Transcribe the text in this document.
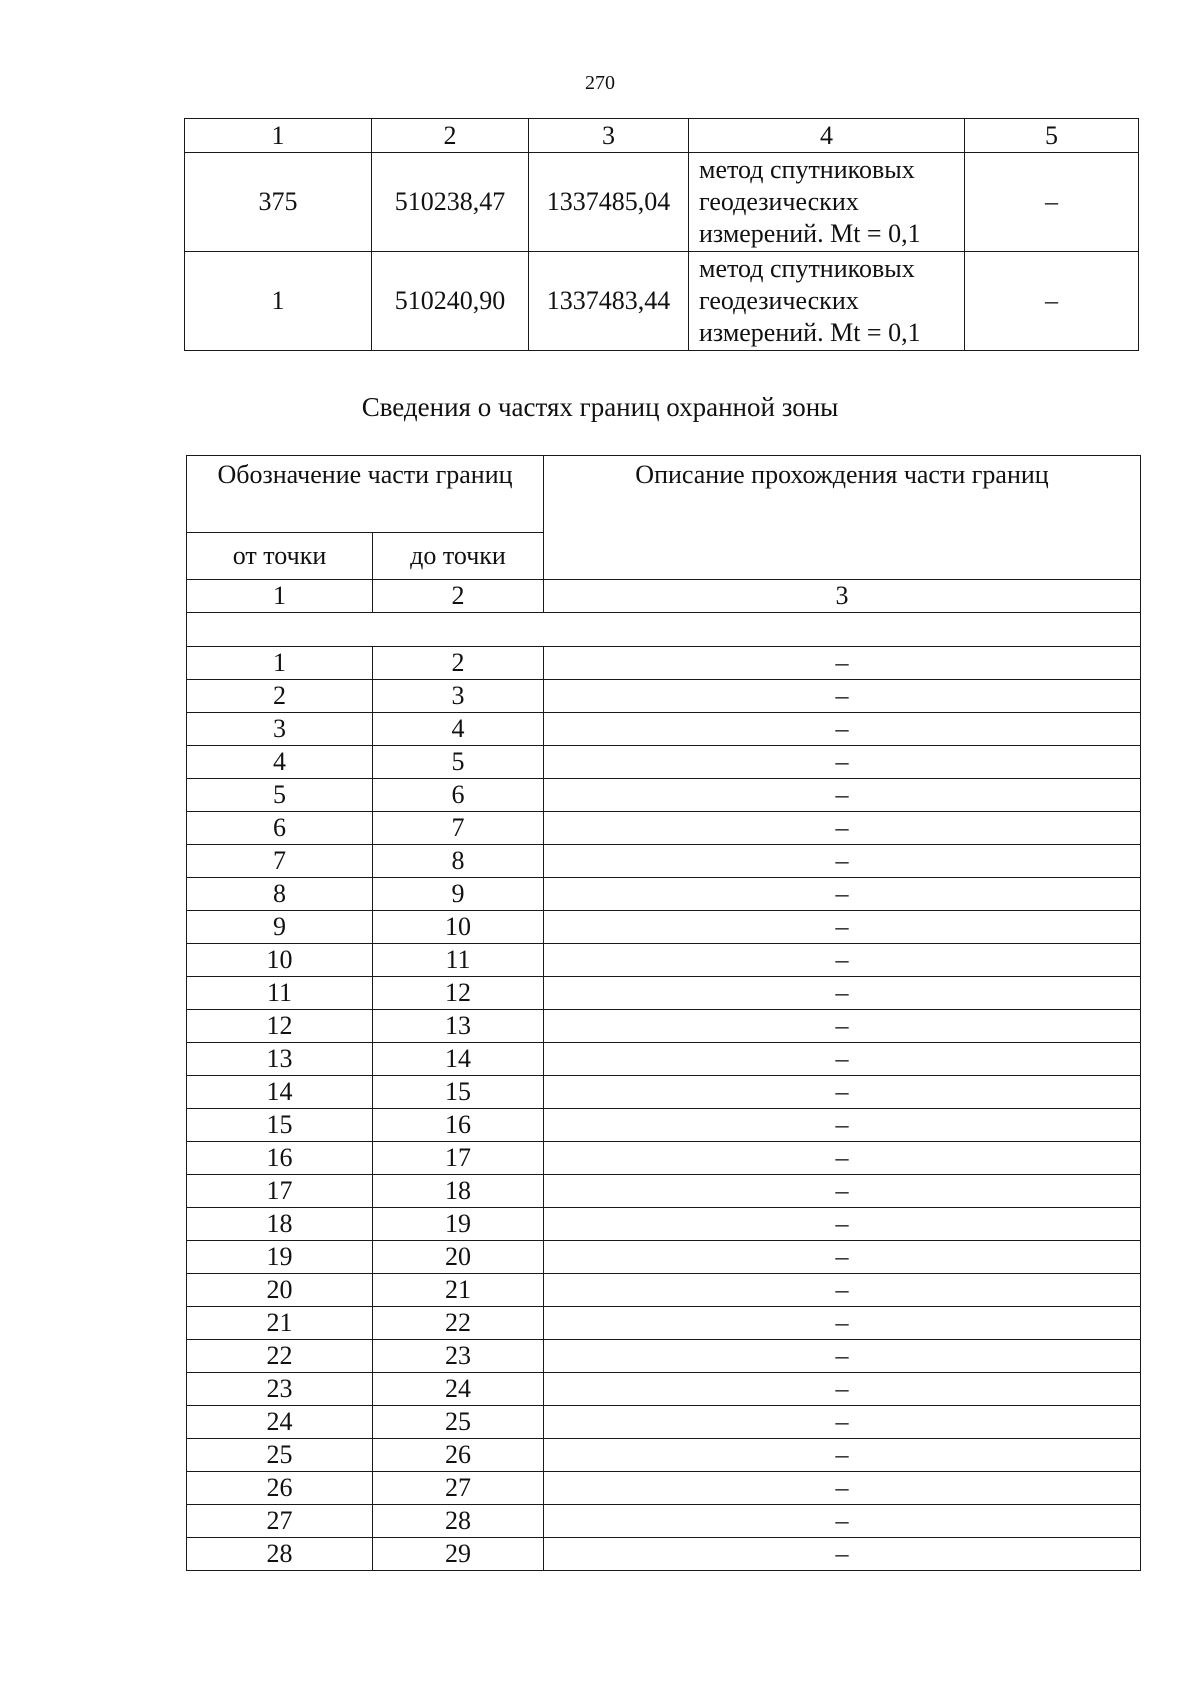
270
1	2	3	4	5
375	510238,47	1337485,04	метод спутниковых
геодезических
измерений. Mt = 0,1	–
1	510240,90	1337483,44	метод спутниковых
геодезических
измерений. Mt = 0,1	–
Сведения о частях границ охранной зоны
Обозначение части границ		Описание прохождения части границ
от точки	до точки	
1	2	3

1	2	–
2	3	–
3	4	–
4	5	–
5	6	–
6	7	–
7	8	–
8	9	–
9	10	–
10	11	–
11	12	–
12	13	–
13	14	–
14	15	–
15	16	–
16	17	–
17	18	–
18	19	–
19	20	–
20	21	–
21	22	–
22	23	–
23	24	–
24	25	–
25	26	–
26	27	–
27	28	–
28	29	–
